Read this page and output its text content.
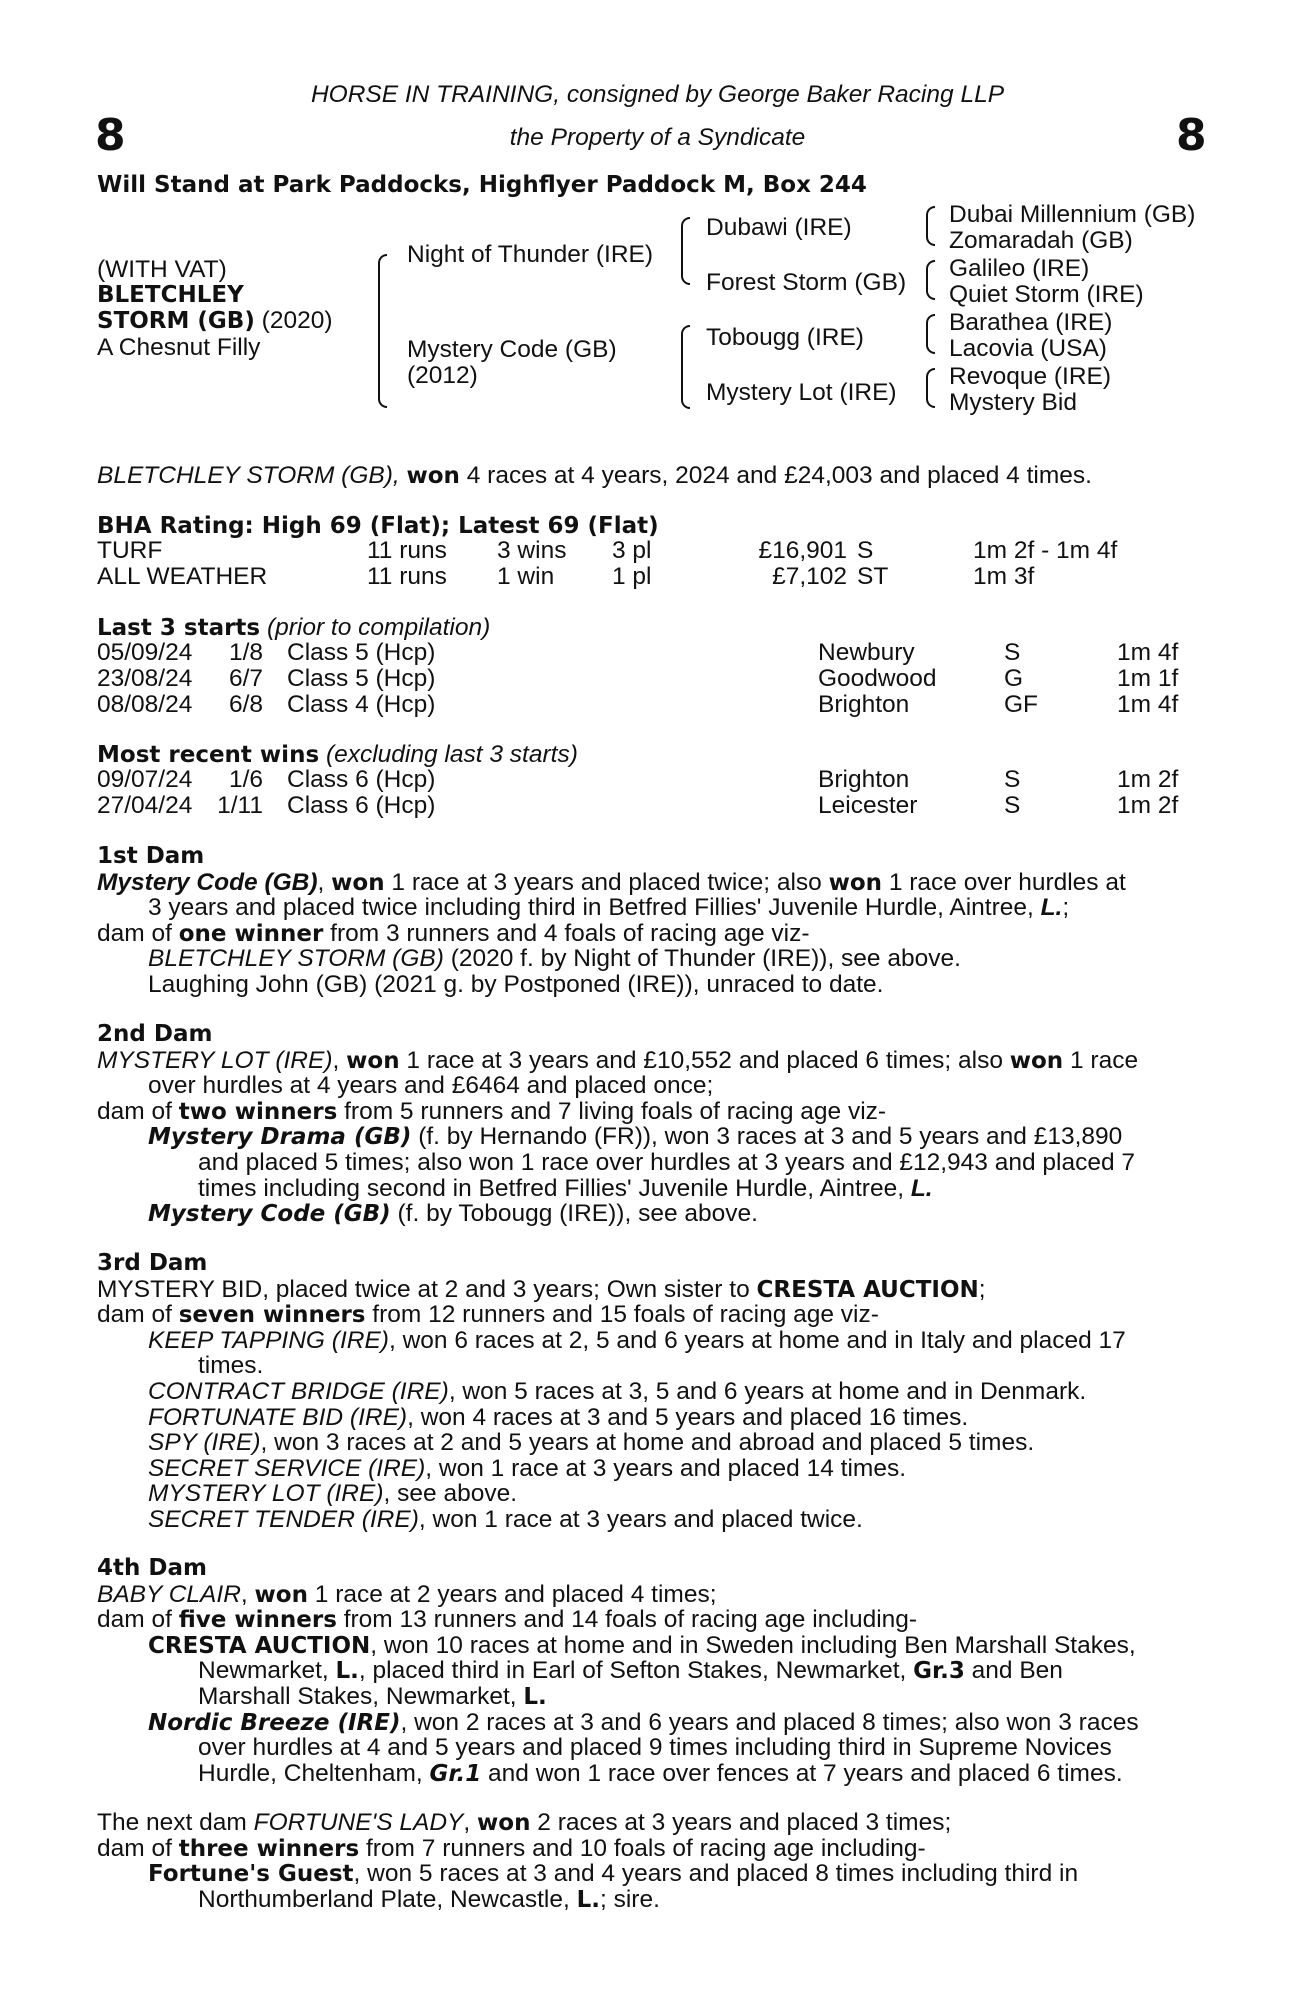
HORSE IN TRAINING, consigned by George Baker Racing LLP
8	the Property of a Syndicate	8
Will Stand at Park Paddocks, Highflyer Paddock M, Box 244
(WITH VAT)
BLETCHLEY
STORM (GB) (2020)
A Chesnut Filly
Night of Thunder (IRE)
Mystery Code (GB)
(2012)
Dubawi (IRE)
Forest Storm (GB)
Tobougg (IRE)
Mystery Lot (IRE)
Dubai Millennium (GB)
Zomaradah (GB)
Galileo (IRE)
Quiet Storm (IRE)
Barathea (IRE)
Lacovia (USA)
Revoque (IRE)
Mystery Bid
BLETCHLEY STORM (GB), won 4 races at 4 years, 2024 and £24,003 and placed 4 times.
BHA Rating: High 69 (Flat); Latest 69 (Flat)
TURF	11 runs 3 wins 3 pl	£16,901 S	1m 2f - 1m 4f
ALL WEATHER	11 runs 1 win 1 pl	£7,102 ST	1m 3f
Last 3 starts (prior to compilation)
05/09/24	1/8 Class 5 (Hcp)	Newbury	S	1m 4f
23/08/24	6/7 Class 5 (Hcp)	Goodwood	G	1m 1f
08/08/24	6/8 Class 4 (Hcp)	Brighton	GF	1m 4f
Most recent wins (excluding last 3 starts)
09/07/24	1/6 Class 6 (Hcp)	Brighton	S	1m 2f
27/04/24 1/11 Class 6 (Hcp)	Leicester	S	1m 2f
1st Dam
Mystery Code (GB), won 1 race at 3 years and placed twice; also won 1 race over hurdles at
3 years and placed twice including third in Betfred Fillies' Juvenile Hurdle, Aintree, L.;
dam of one winner from 3 runners and 4 foals of racing age viz-
BLETCHLEY STORM (GB) (2020 f. by Night of Thunder (IRE)), see above.
Laughing John (GB) (2021 g. by Postponed (IRE)), unraced to date.
2nd Dam
MYSTERY LOT (IRE), won 1 race at 3 years and £10,552 and placed 6 times; also won 1 race
over hurdles at 4 years and £6464 and placed once;
dam of two winners from 5 runners and 7 living foals of racing age viz-
Mystery Drama (GB) (f. by Hernando (FR)), won 3 races at 3 and 5 years and £13,890
and placed 5 times; also won 1 race over hurdles at 3 years and £12,943 and placed 7
times including second in Betfred Fillies' Juvenile Hurdle, Aintree, L.
Mystery Code (GB) (f. by Tobougg (IRE)), see above.
3rd Dam
MYSTERY BID, placed twice at 2 and 3 years; Own sister to CRESTA AUCTION;
dam of seven winners from 12 runners and 15 foals of racing age viz-
KEEP TAPPING (IRE), won 6 races at 2, 5 and 6 years at home and in Italy and placed 17
times.
CONTRACT BRIDGE (IRE), won 5 races at 3, 5 and 6 years at home and in Denmark.
FORTUNATE BID (IRE), won 4 races at 3 and 5 years and placed 16 times.
SPY (IRE), won 3 races at 2 and 5 years at home and abroad and placed 5 times.
SECRET SERVICE (IRE), won 1 race at 3 years and placed 14 times.
MYSTERY LOT (IRE), see above.
SECRET TENDER (IRE), won 1 race at 3 years and placed twice.
4th Dam
BABY CLAIR, won 1 race at 2 years and placed 4 times;
dam of five winners from 13 runners and 14 foals of racing age including-
CRESTA AUCTION, won 10 races at home and in Sweden including Ben Marshall Stakes,
Newmarket, L., placed third in Earl of Sefton Stakes, Newmarket, Gr.3 and Ben
Marshall Stakes, Newmarket, L.
Nordic Breeze (IRE), won 2 races at 3 and 6 years and placed 8 times; also won 3 races
over hurdles at 4 and 5 years and placed 9 times including third in Supreme Novices
Hurdle, Cheltenham, Gr.1 and won 1 race over fences at 7 years and placed 6 times.
The next dam FORTUNE'S LADY, won 2 races at 3 years and placed 3 times;
dam of three winners from 7 runners and 10 foals of racing age including-
Fortune's Guest, won 5 races at 3 and 4 years and placed 8 times including third in
Northumberland Plate, Newcastle, L.; sire.
